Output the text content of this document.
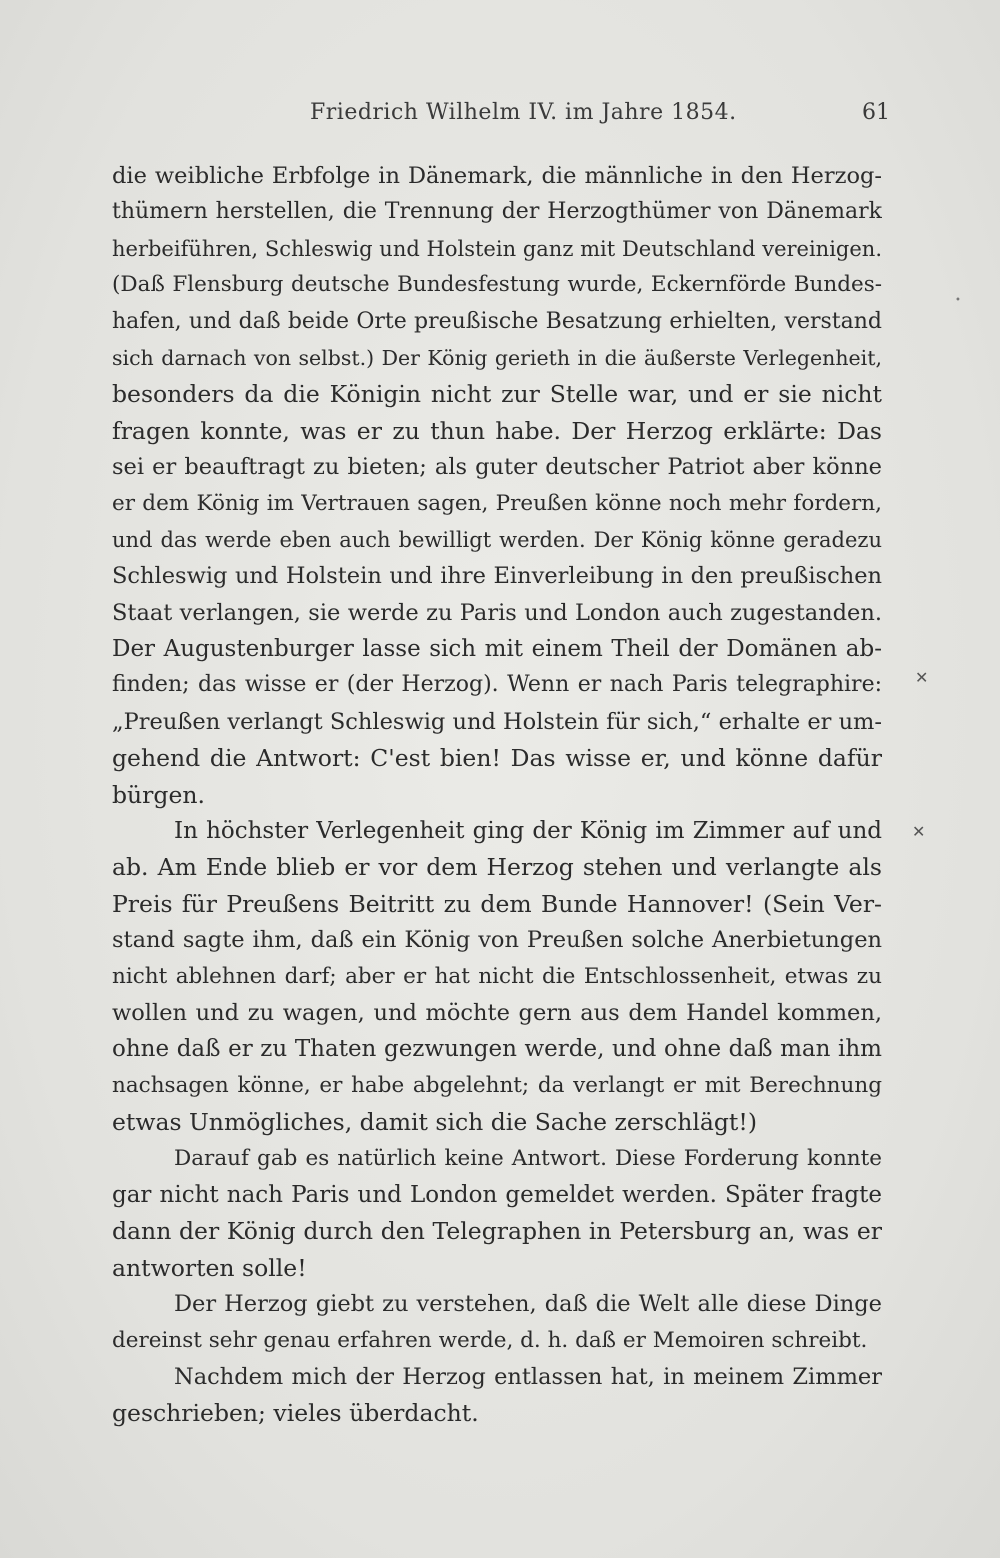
Friedrich Wilhelm IV. im Jahre 1854.	61
die weibliche Erbfolge in Dänemark, die männliche in den Herzog-
thümern herstellen, die Trennung der Herzogthümer von Dänemark
herbeiführen, Schleswig und Holstein ganz mit Deutschland vereinigen.
(Daß Flensburg deutsche Bundesfestung wurde, Eckernförde Bundes-
hafen, und daß beide Orte preußische Besatzung erhielten, verstand
sich darnach von selbst.) Der König gerieth in die äußerste Verlegenheit,
besonders da die Königin nicht zur Stelle war, und er sie nicht
fragen konnte, was er zu thun habe. Der Herzog erklärte: Das
sei er beauftragt zu bieten; als guter deutscher Patriot aber könne
er dem König im Vertrauen sagen, Preußen könne noch mehr fordern,
und das werde eben auch bewilligt werden. Der König könne geradezu
Schleswig und Holstein und ihre Einverleibung in den preußischen
Staat verlangen, sie werde zu Paris und London auch zugestanden.
Der Augustenburger lasse sich mit einem Theil der Domänen ab-
finden; das wisse er (der Herzog). Wenn er nach Paris telegraphire:
„Preußen verlangt Schleswig und Holstein für sich,“ erhalte er um-
gehend die Antwort: C'est bien! Das wisse er, und könne dafür
bürgen.
In höchster Verlegenheit ging der König im Zimmer auf und
ab. Am Ende blieb er vor dem Herzog stehen und verlangte als
Preis für Preußens Beitritt zu dem Bunde Hannover! (Sein Ver-
stand sagte ihm, daß ein König von Preußen solche Anerbietungen
nicht ablehnen darf; aber er hat nicht die Entschlossenheit, etwas zu
wollen und zu wagen, und möchte gern aus dem Handel kommen,
ohne daß er zu Thaten gezwungen werde, und ohne daß man ihm
nachsagen könne, er habe abgelehnt; da verlangt er mit Berechnung
etwas Unmögliches, damit sich die Sache zerschlägt!)
Darauf gab es natürlich keine Antwort. Diese Forderung konnte
gar nicht nach Paris und London gemeldet werden. Später fragte
dann der König durch den Telegraphen in Petersburg an, was er
antworten solle!
Der Herzog giebt zu verstehen, daß die Welt alle diese Dinge
dereinst sehr genau erfahren werde, d. h. daß er Memoiren schreibt.
Nachdem mich der Herzog entlassen hat, in meinem Zimmer
geschrieben; vieles überdacht.
✕
✕
•
